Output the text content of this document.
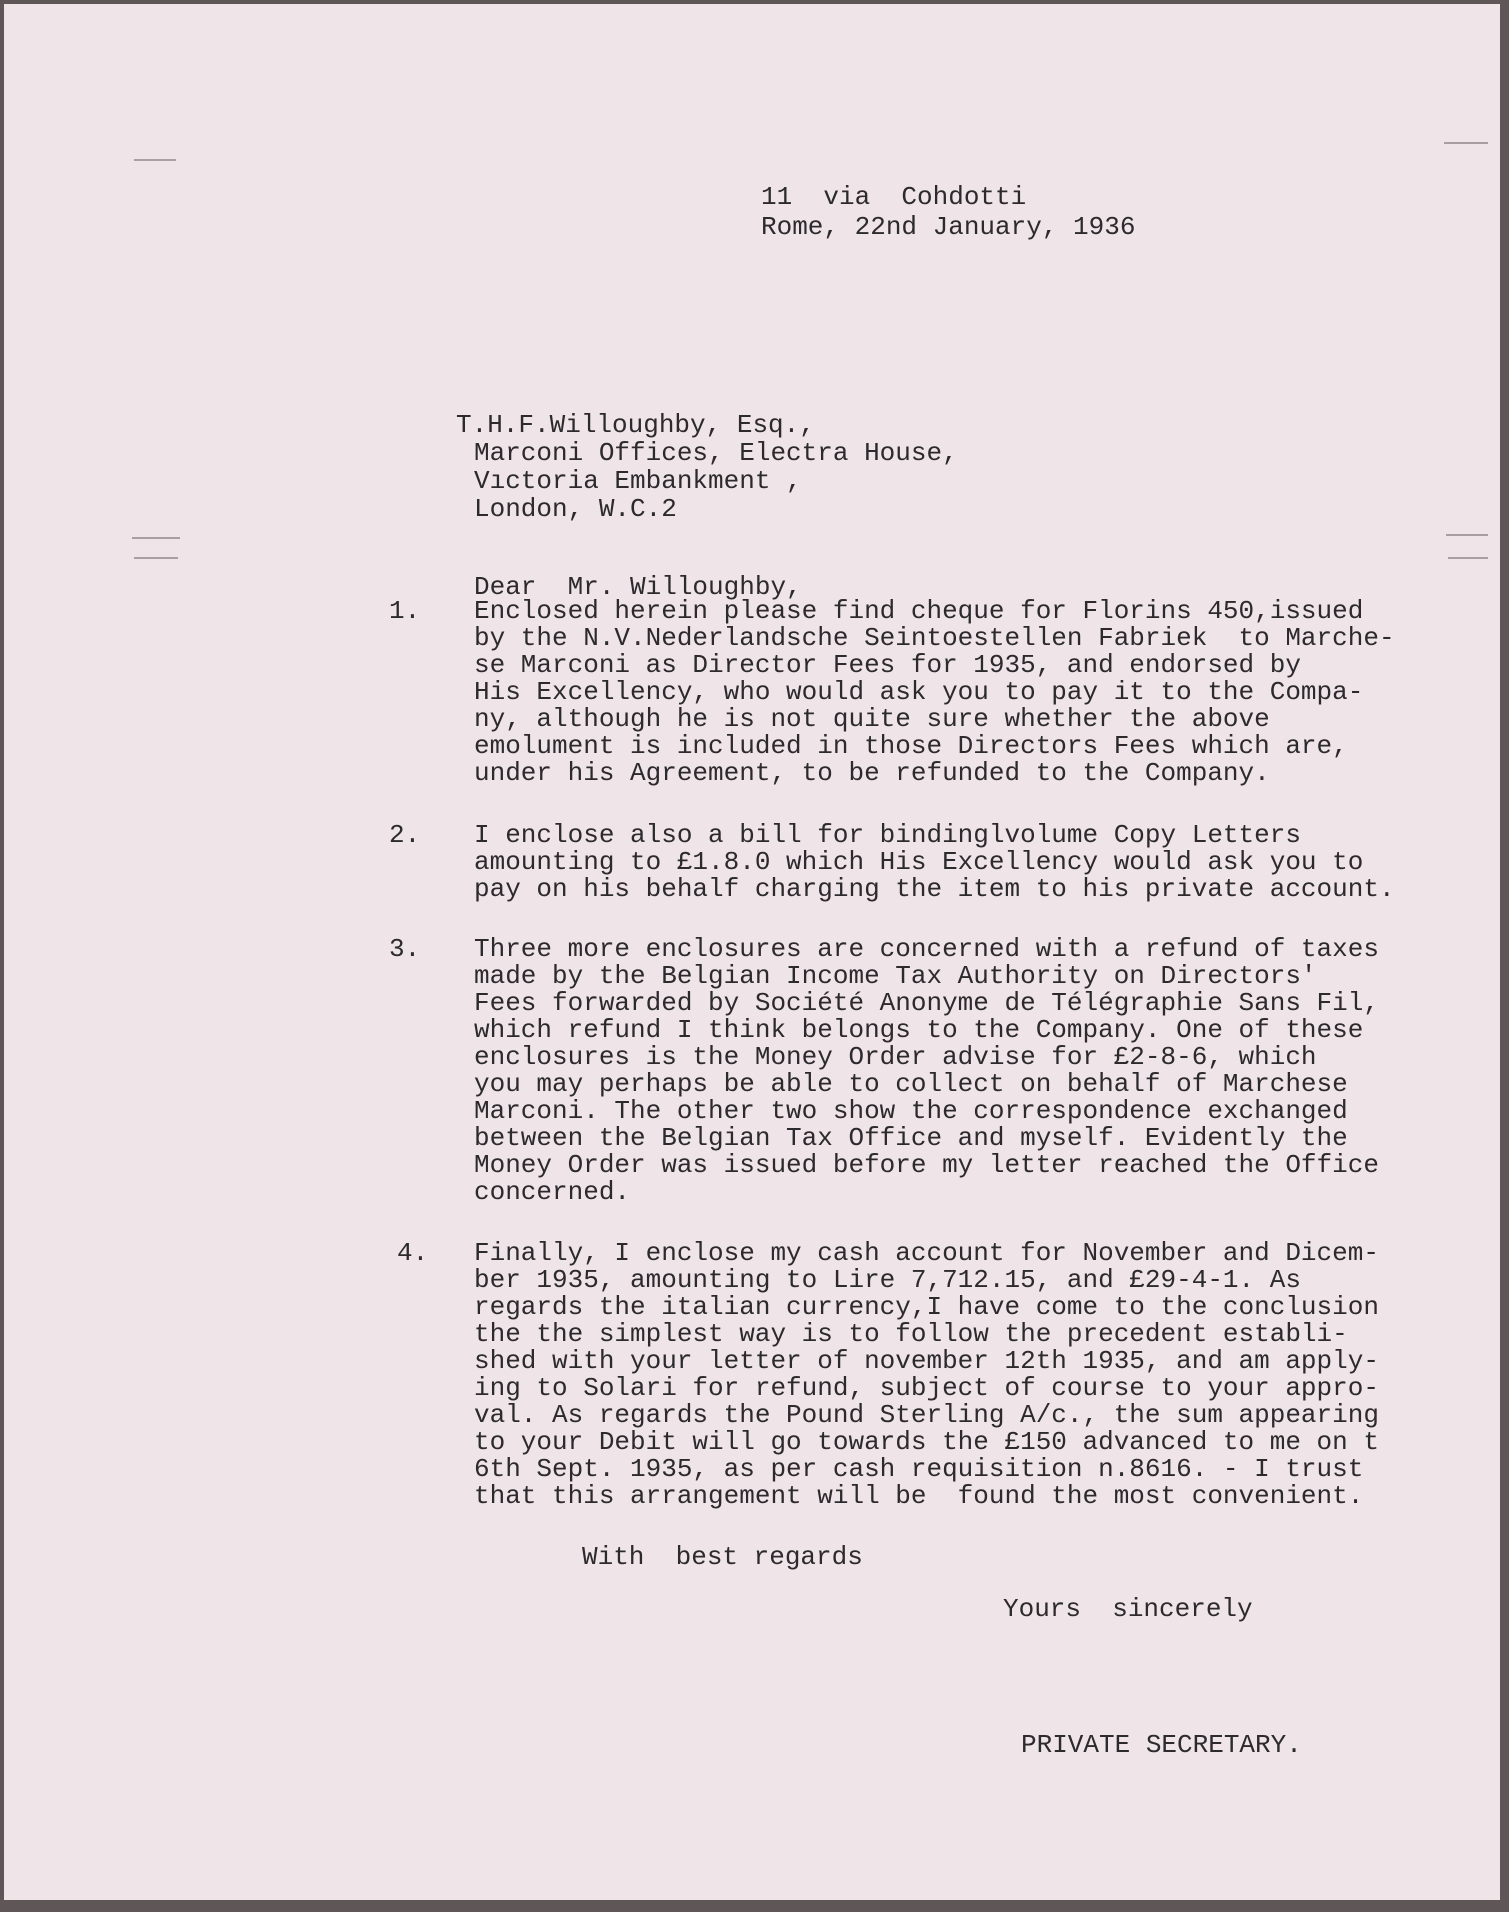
11  via  Cohdotti
Rome, 22nd January, 1936
T.H.F.Willoughby, Esq.,
Marconi Offices, Electra House,
Vıctoria Embankment ,
London, W.C.2
Dear  Mr. Willoughby,
1. Enclosed herein please find cheque for Florins 450,issued
by the N.V.Nederlandsche Seintoestellen Fabriek  to Marche-
se Marconi as Director Fees for 1935, and endorsed by
His Excellency, who would ask you to pay it to the Compa-
ny, although he is not quite sure whether the above
emolument is included in those Directors Fees which are,
under his Agreement, to be refunded to the Company.
2. I enclose also a bill for bindinglvolume Copy Letters
amounting to £1.8.0 which His Excellency would ask you to
pay on his behalf charging the item to his private account.
3. Three more enclosures are concerned with a refund of taxes
made by the Belgian Income Tax Authority on Directors'
Fees forwarded by Société Anonyme de Télégraphie Sans Fil,
which refund I think belongs to the Company. One of these
enclosures is the Money Order advise for £2-8-6, which
you may perhaps be able to collect on behalf of Marchese
Marconi. The other two show the correspondence exchanged
between the Belgian Tax Office and myself. Evidently the
Money Order was issued before my letter reached the Office
concerned.
4. Finally, I enclose my cash account for November and Dicem-
ber 1935, amounting to Lire 7,712.15, and £29-4-1. As
regards the italian currency,I have come to the conclusion
the the simplest way is to follow the precedent establi-
shed with your letter of november 12th 1935, and am apply-
ing to Solari for refund, subject of course to your appro-
val. As regards the Pound Sterling A/c., the sum appearing
to your Debit will go towards the £150 advanced to me on t
6th Sept. 1935, as per cash requisition n.8616. - I trust
that this arrangement will be  found the most convenient.
With  best regards
Yours  sincerely
PRIVATE SECRETARY.
